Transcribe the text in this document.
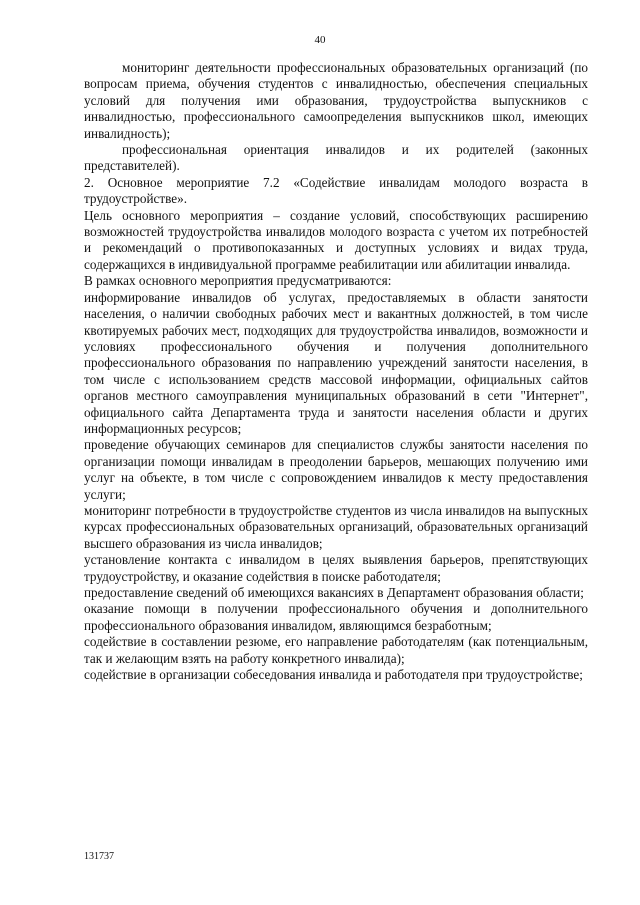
40

мониторинг деятельности профессиональных образовательных организаций (по вопросам приема, обучения студентов с инвалидностью, обеспечения специальных условий для получения ими образования, трудоустройства выпускников с инвалидностью, профессионального самоопределения выпускников школ, имеющих инвалидность);

профессиональная ориентация инвалидов и их родителей (законных представителей).

2. Основное мероприятие 7.2 «Содействие инвалидам молодого возраста в трудоустройстве».

Цель основного мероприятия – создание условий, способствующих расширению возможностей трудоустройства инвалидов молодого возраста с учетом их потребностей и рекомендаций о противопоказанных и доступных условиях и видах труда, содержащихся в индивидуальной программе реабилитации или абилитации инвалида.

В рамках основного мероприятия предусматриваются:

информирование инвалидов об услугах, предоставляемых в области занятости населения, о наличии свободных рабочих мест и вакантных должностей, в том числе квотируемых рабочих мест, подходящих для трудоустройства инвалидов, возможности и условиях профессионального обучения и получения дополнительного профессионального образования по направлению учреждений занятости населения, в том числе с использованием средств массовой информации, официальных сайтов органов местного самоуправления муниципальных образований в сети "Интернет", официального сайта Департамента труда и занятости населения области и других информационных ресурсов;

проведение обучающих семинаров для специалистов службы занятости населения по организации помощи инвалидам в преодолении барьеров, мешающих получению ими услуг на объекте, в том числе с сопровождением инвалидов к месту предоставления услуги;

мониторинг потребности в трудоустройстве студентов из числа инвалидов на выпускных курсах профессиональных образовательных организаций, образовательных организаций высшего образования из числа инвалидов;

установление контакта с инвалидом в целях выявления барьеров, препятствующих трудоустройству, и оказание содействия в поиске работодателя;

предоставление сведений об имеющихся вакансиях в Департамент образования области;

оказание помощи в получении профессионального обучения и дополнительного профессионального образования инвалидом, являющимся безработным;

содействие в составлении резюме, его направление работодателям (как потенциальным, так и желающим взять на работу конкретного инвалида);

содействие в организации собеседования инвалида и работодателя при трудоустройстве;

131737
